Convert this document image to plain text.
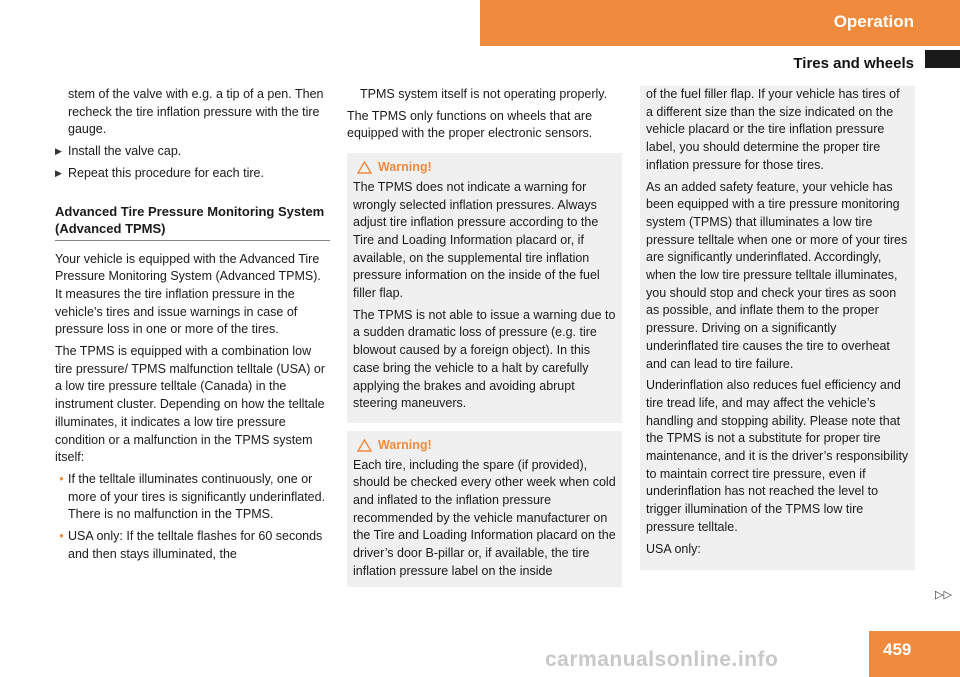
Operation
Tires and wheels

stem of the valve with e.g. a tip of a pen. Then recheck the tire inflation pressure with the tire gauge.

▶ Install the valve cap.
▶ Repeat this procedure for each tire.
Advanced Tire Pressure Monitoring System (Advanced TPMS)

Your vehicle is equipped with the Advanced Tire Pressure Monitoring System (Advanced TPMS). It measures the tire inflation pressure in the vehicle’s tires and issue warnings in case of pressure loss in one or more of the tires.

The TPMS is equipped with a combination low tire pressure/ TPMS malfunction telltale (USA) or a low tire pressure telltale (Canada) in the instrument cluster. Depending on how the telltale illuminates, it indicates a low tire pressure condition or a malfunction in the TPMS system itself:

• If the telltale illuminates continuously, one or more of your tires is significantly underinflated. There is no malfunction in the TPMS.
• USA only: If the telltale flashes for 60 seconds and then stays illuminated, the

TPMS system itself is not operating properly.

The TPMS only functions on wheels that are equipped with the proper electronic sensors.

Warning!

The TPMS does not indicate a warning for wrongly selected inflation pressures. Always adjust tire inflation pressure according to the Tire and Loading Information placard or, if available, on the supplemental tire inflation pressure information on the inside of the fuel filler flap.

The TPMS is not able to issue a warning due to a sudden dramatic loss of pressure (e.g. tire blowout caused by a foreign object). In this case bring the vehicle to a halt by carefully applying the brakes and avoiding abrupt steering maneuvers.

Warning!

Each tire, including the spare (if provided), should be checked every other week when cold and inflated to the inflation pressure recommended by the vehicle manufacturer on the Tire and Loading Information placard on the driver’s door B-pillar or, if available, the tire inflation pressure label on the inside

of the fuel filler flap. If your vehicle has tires of a different size than the size indicated on the vehicle placard or the tire inflation pressure label, you should determine the proper tire inflation pressure for those tires.

As an added safety feature, your vehicle has been equipped with a tire pressure monitoring system (TPMS) that illuminates a low tire pressure telltale when one or more of your tires are significantly underinflated. Accordingly, when the low tire pressure telltale illuminates, you should stop and check your tires as soon as possible, and inflate them to the proper pressure. Driving on a significantly underinflated tire causes the tire to overheat and can lead to tire failure.

Underinflation also reduces fuel efficiency and tire tread life, and may affect the vehicle’s handling and stopping ability. Please note that the TPMS is not a substitute for proper tire maintenance, and it is the driver’s responsibility to maintain correct tire pressure, even if underinflation has not reached the level to trigger illumination of the TPMS low tire pressure telltale.

USA only:

▷▷
carmanualsonline.info	459
